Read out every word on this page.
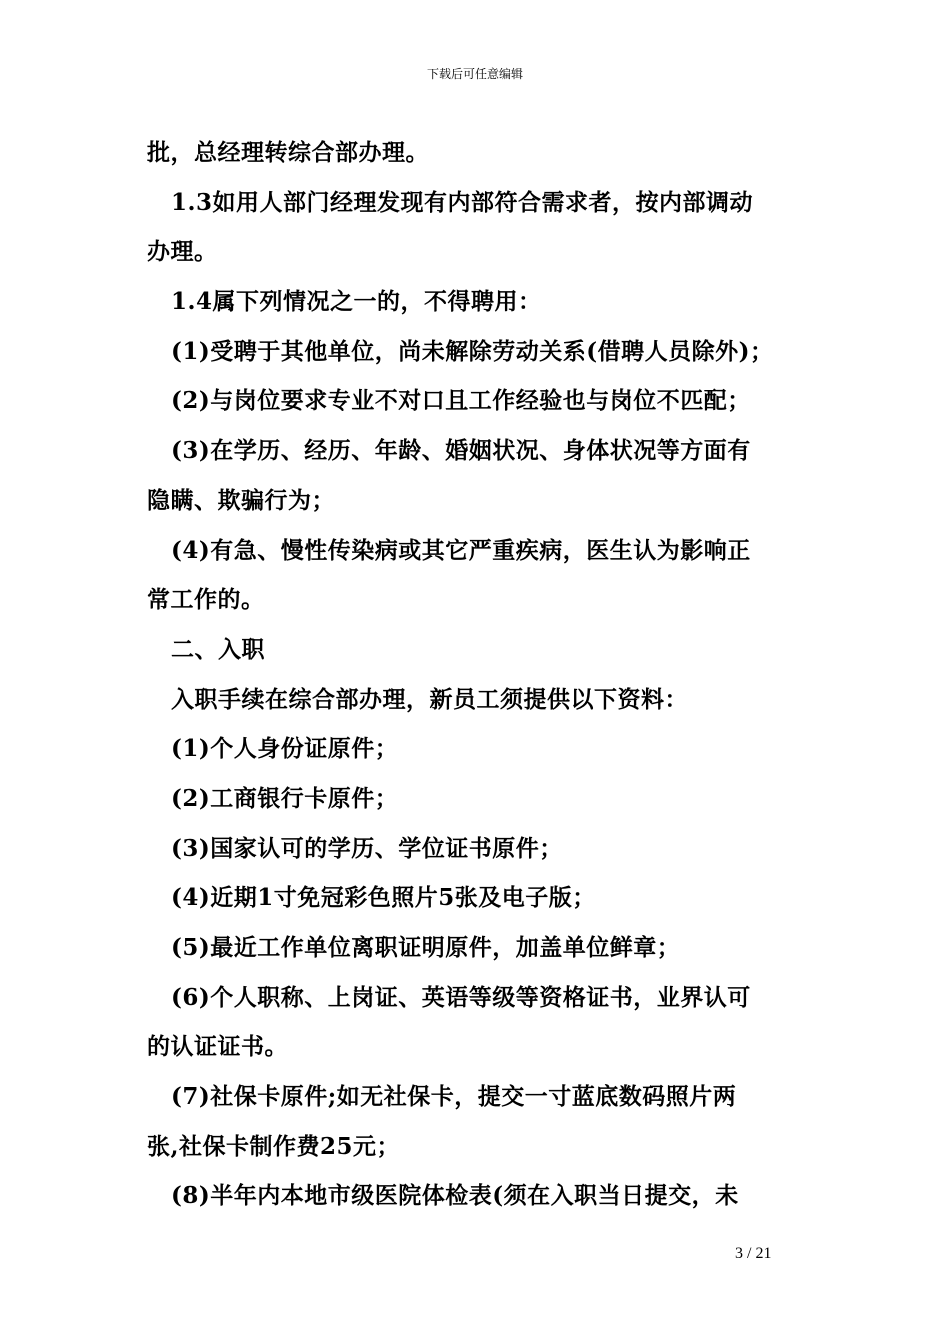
下载后可任意编辑
批，总经理转综合部办理。
1.3如用人部门经理发现有内部符合需求者，按内部调动
办理。
1.4属下列情况之一的，不得聘用：
(1)受聘于其他单位，尚未解除劳动关系(借聘人员除外)；
(2)与岗位要求专业不对口且工作经验也与岗位不匹配；
(3)在学历、经历、年龄、婚姻状况、身体状况等方面有
隐瞒、欺骗行为；
(4)有急、慢性传染病或其它严重疾病，医生认为影响正
常工作的。
二、入职
入职手续在综合部办理，新员工须提供以下资料：
(1)个人身份证原件；
(2)工商银行卡原件；
(3)国家认可的学历、学位证书原件；
(4)近期1寸免冠彩色照片5张及电子版；
(5)最近工作单位离职证明原件，加盖单位鲜章；
(6)个人职称、上岗证、英语等级等资格证书，业界认可
的认证证书。
(7)社保卡原件;如无社保卡，提交一寸蓝底数码照片两
张,社保卡制作费25元；
(8)半年内本地市级医院体检表(须在入职当日提交，未
3 / 21
